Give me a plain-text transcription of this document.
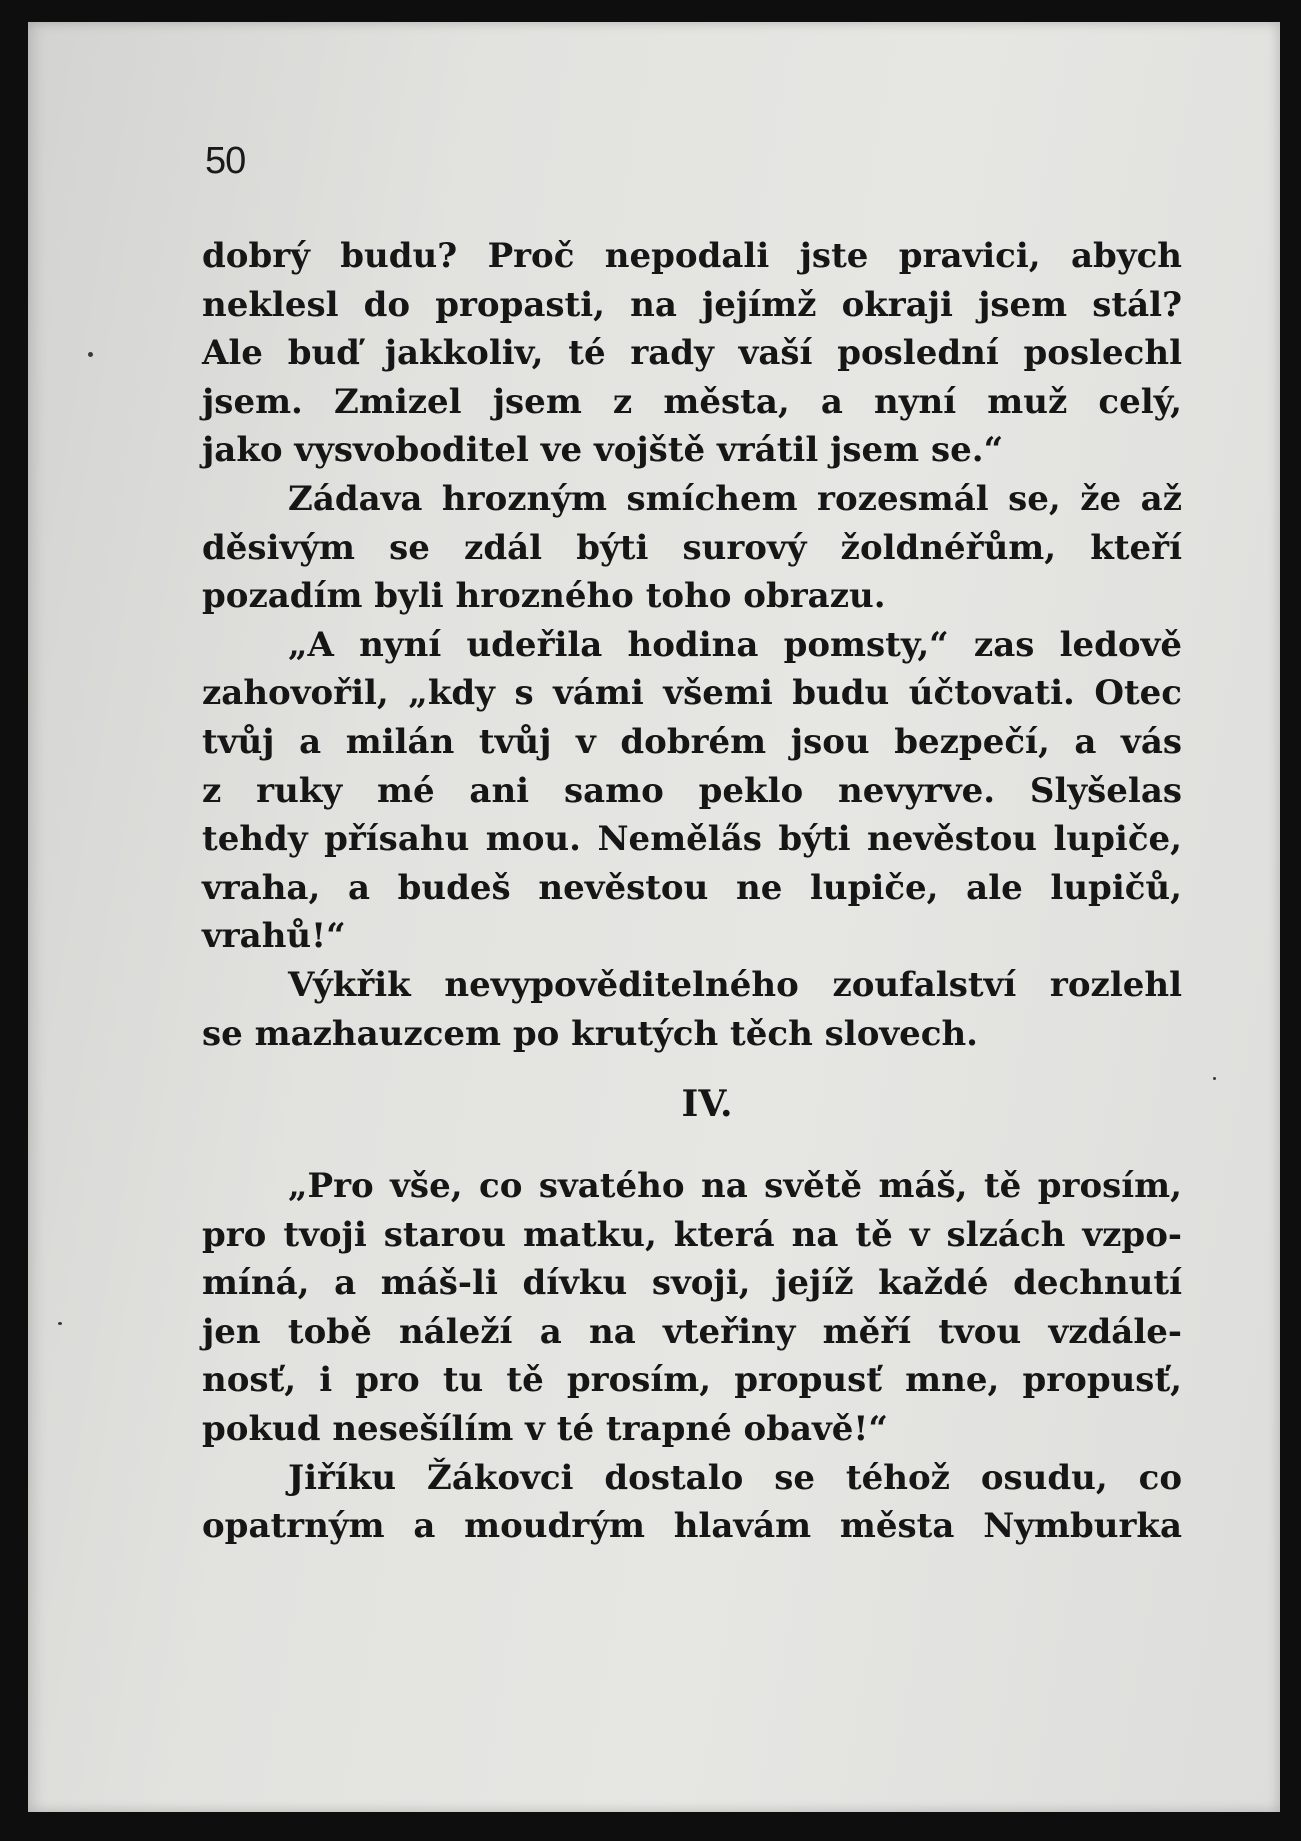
50
dobrý budu? Proč nepodali jste pravici, abych
neklesl do propasti, na jejímž okraji jsem stál?
Ale buď jakkoliv, té rady vaší poslední poslechl
jsem. Zmizel jsem z města, a nyní muž celý,
jako vysvoboditel ve vojště vrátil jsem se.“
Zádava hrozným smíchem rozesmál se, že až
děsivým se zdál býti surový žoldnéřům, kteří
pozadím byli hrozného toho obrazu.
„A nyní udeřila hodina pomsty,“ zas ledově
zahovořil, „kdy s vámi všemi budu účtovati. Otec
tvůj a milán tvůj v dobrém jsou bezpečí, a vás
z ruky mé ani samo peklo nevyrve. Slyšelas
tehdy přísahu mou. Neměla̋s býti nevěstou lupiče,
vraha, a budeš nevěstou ne lupiče, ale lupičů,
vrahů!“
Výkřik nevypověditelného zoufalství rozlehl
se mazhauzcem po krutých těch slovech.
IV.
„Pro vše, co svatého na světě máš, tě prosím,
pro tvoji starou matku, která na tě v slzách vzpo-
míná, a máš-li dívku svoji, jejíž každé dechnutí
jen tobě náleží a na vteřiny měří tvou vzdále-
nosť, i pro tu tě prosím, propusť mne, propusť,
pokud nesešílím v té trapné obavě!“
Jiříku Žákovci dostalo se téhož osudu, co
opatrným a moudrým hlavám města Nymburka
